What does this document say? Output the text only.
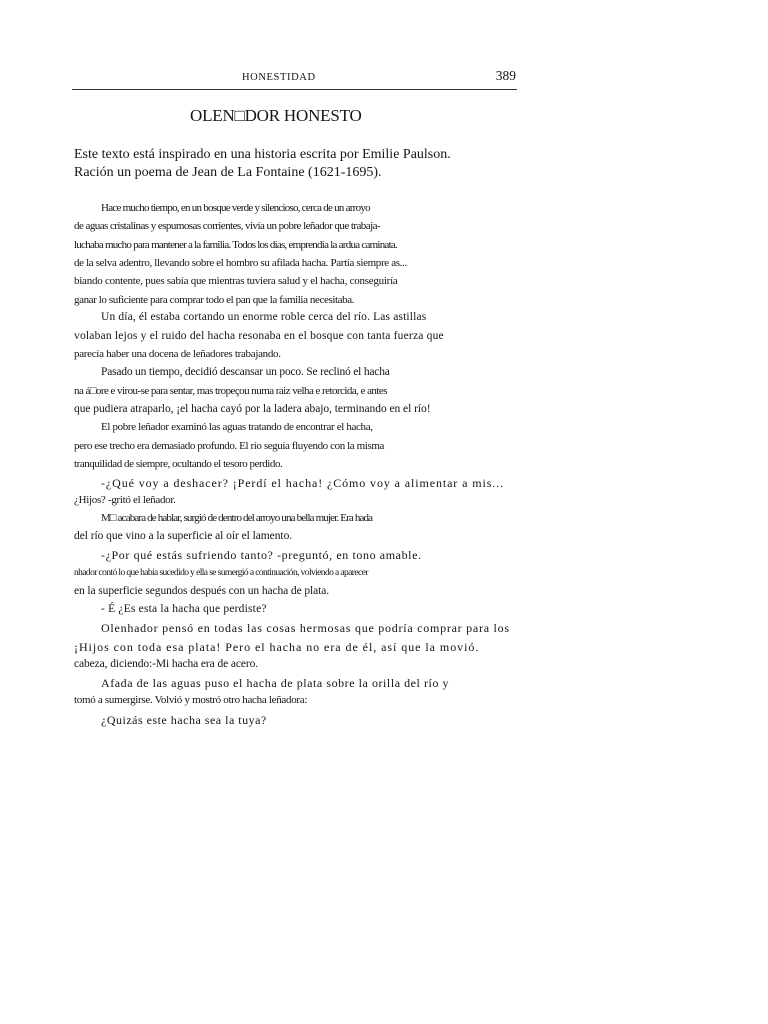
HONESTIDAD	389
OLEN□DOR HONESTO
Este texto está inspirado en una historia escrita por Emilie Paulson.
Ración un poema de Jean de La Fontaine (1621-1695).
Hace mucho tiempo, en un bosque verde y silencioso, cerca de un arroyo
de aguas cristalinas y espumosas corrientes, vivía un pobre leñador que trabaja-
luchaba mucho para mantener a la familia. Todos los días, emprendía la ardua caminata.
de la selva adentro, llevando sobre el hombro su afilada hacha. Partía siempre as...
biando contente, pues sabía que mientras tuviera salud y el hacha, conseguiría
ganar lo suficiente para comprar todo el pan que la familia necesitaba.
Un día, él estaba cortando un enorme roble cerca del río. Las astillas
volaban lejos y el ruido del hacha resonaba en el bosque con tanta fuerza que
parecía haber una docena de leñadores trabajando.
Pasado un tiempo, decidió descansar un poco. Se reclinó el hacha
na á□ore e virou-se para sentar, mas tropeçou numa raiz velha e retorcida, e antes
que pudiera atraparlo, ¡el hacha cayó por la ladera abajo, terminando en el río!
El pobre leñador examinó las aguas tratando de encontrar el hacha,
pero ese trecho era demasiado profundo. El río seguía fluyendo con la misma
tranquilidad de siempre, ocultando el tesoro perdido.
-¿Qué voy a deshacer? ¡Perdí el hacha! ¿Cómo voy a alimentar a mis...
¿Hijos? -gritó el leñador.
M□ acabara de hablar, surgió de dentro del arroyo una bella mujer. Era hada
del río que vino a la superficie al oír el lamento.
-¿Por qué estás sufriendo tanto? -preguntó, en tono amable.
nhador contó lo que había sucedido y ella se sumergió a continuación, volviendo a aparecer
en la superficie segundos después con un hacha de plata.
- É ¿Es esta la hacha que perdiste?
Olenhador pensó en todas las cosas hermosas que podría comprar para los
¡Hijos con toda esa plata! Pero el hacha no era de él, así que la movió.
cabeza, diciendo:-Mi hacha era de acero.
Afada de las aguas puso el hacha de plata sobre la orilla del río y
tomó a sumergirse. Volvió y mostró otro hacha leñadora:
¿Quizás este hacha sea la tuya?
